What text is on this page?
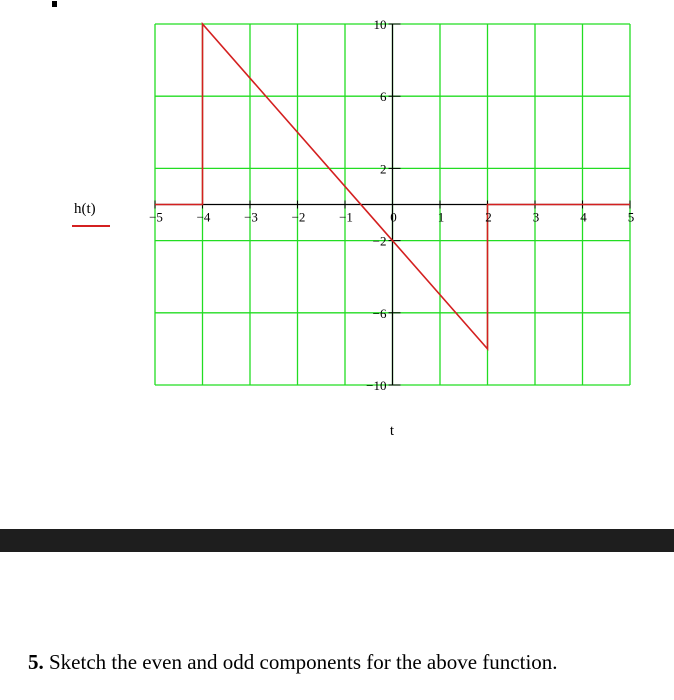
−5	−4	−3	−2	−1	0	1	2	3	4	5
10
6
2
−2
−6
−10
h(t)
t
5. Sketch the even and odd components for the above function.
